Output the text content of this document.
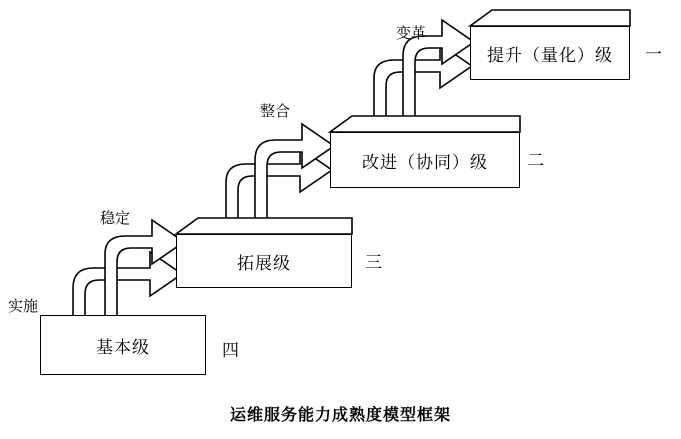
基本级
拓展级
改进（协同）级
提升（量化）级
四
三
二
一
实施
稳定
整合
变革
运维服务能力成熟度模型框架
